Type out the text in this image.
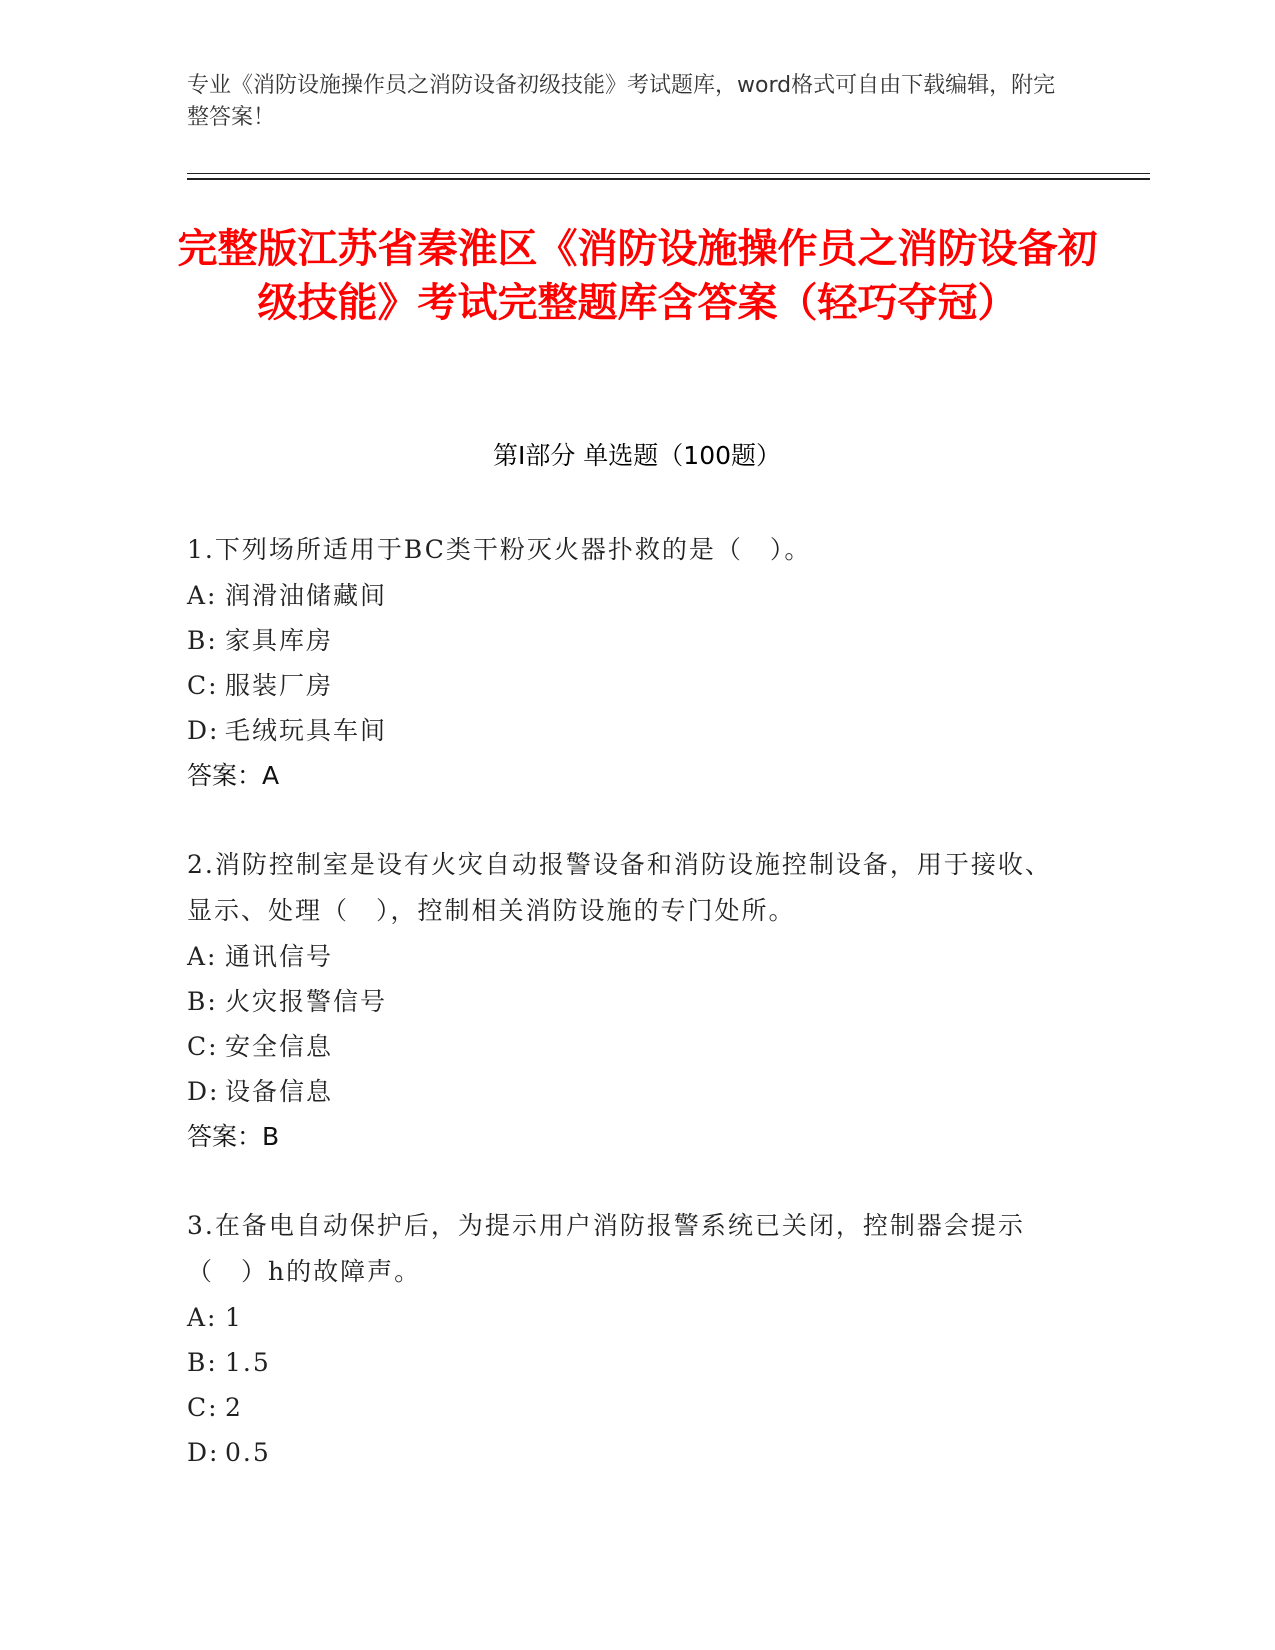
专业《消防设施操作员之消防设备初级技能》考试题库，word格式可自由下载编辑，附完整答案！
完整版江苏省秦淮区《消防设施操作员之消防设备初级技能》考试完整题库含答案（轻巧夺冠）
第Ⅰ部分 单选题（100题）

1.下列场所适用于BC类干粉灭火器扑救的是（　）。

A: 润滑油储藏间

B: 家具库房

C: 服装厂房

D: 毛绒玩具车间

答案：A

2.消防控制室是设有火灾自动报警设备和消防设施控制设备，用于接收、显示、处理（　），控制相关消防设施的专门处所。

A: 通讯信号

B: 火灾报警信号

C: 安全信息

D: 设备信息

答案：B

3.在备电自动保护后，为提示用户消防报警系统已关闭，控制器会提示（　）h的故障声。

A: 1

B: 1.5

C: 2

D: 0.5
